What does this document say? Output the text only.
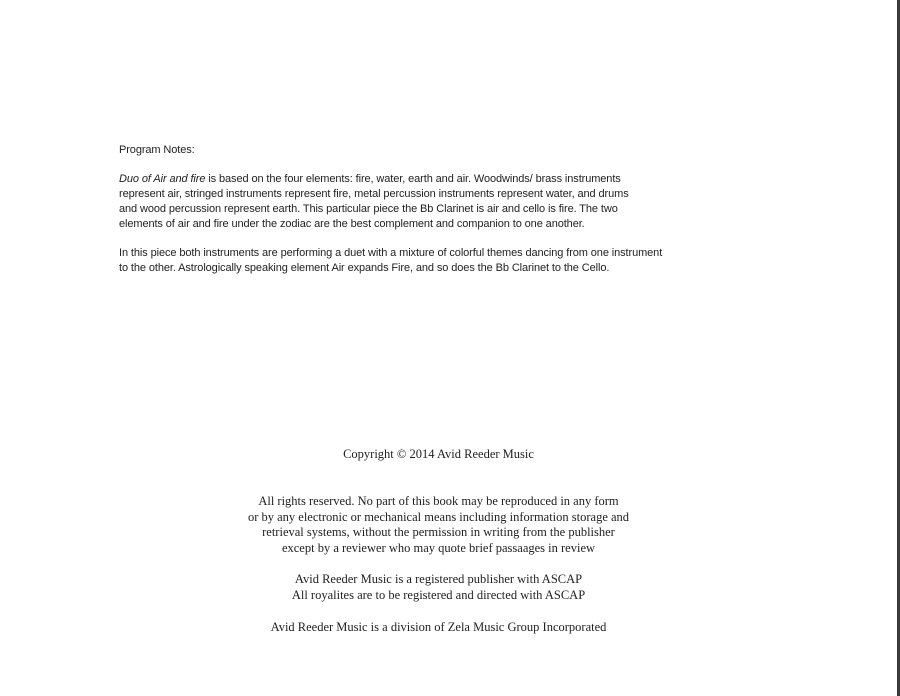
Program Notes:
Duo of Air and fire is based on the four elements: fire, water, earth and air. Woodwinds/ brass instruments
represent air, stringed instruments represent fire, metal percussion instruments represent water, and drums
and wood percussion represent earth. This particular piece the Bb Clarinet is air and cello is fire. The two
elements of air and fire under the zodiac are the best complement and companion to one another.
In this piece both instruments are performing a duet with a mixture of colorful themes dancing from one instrument
to the other. Astrologically speaking element Air expands Fire, and so does the Bb Clarinet to the Cello.
Copyright © 2014 Avid Reeder Music
All rights reserved. No part of this book may be reproduced in any form
or by any electronic or mechanical means including information storage and
retrieval systems, without the permission in writing from the publisher
except by a reviewer who may quote brief passaages in review
Avid Reeder Music is a registered publisher with ASCAP
All royalites are to be registered and directed with ASCAP
Avid Reeder Music is a division of Zela Music Group Incorporated
